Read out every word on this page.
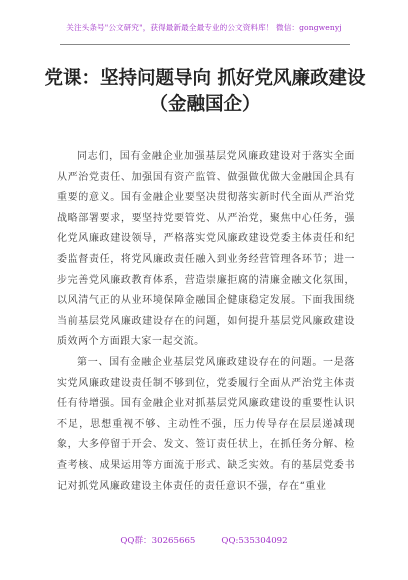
关注头条号"公文研究"，获得最新最全最专业的公文资料库！ 微信：gongwenyj
党课：坚持问题导向 抓好党风廉政建设（金融国企）

同志们，国有金融企业加强基层党风廉政建设对于落实全面从严治党责任、加强国有资产监管、做强做优做大金融国企具有重要的意义。国有金融企业要坚决贯彻落实新时代全面从严治党战略部署要求，要坚持党要管党、从严治党，聚焦中心任务，强化党风廉政建设领导，严格落实党风廉政建设党委主体责任和纪委监督责任，将党风廉政责任融入到业务经营管理各环节；进一步完善党风廉政教育体系，营造崇廉拒腐的清廉金融文化氛围，以风清气正的从业环境保障金融国企健康稳定发展。下面我围绕当前基层党风廉政建设存在的问题，如何提升基层党风廉政建设质效两个方面跟大家一起交流。

第一、国有金融企业基层党风廉政建设存在的问题。一是落实党风廉政建设责任制不够到位，党委履行全面从严治党主体责任有待增强。国有金融企业对抓基层党风廉政建设的重要性认识不足，思想重视不够、主动性不强，压力传导存在层层递减现象，大多停留于开会、发文、签订责任状上，在抓任务分解、检查考核、成果运用等方面流于形式、缺乏实效。有的基层党委书记对抓党风廉政建设主体责任的责任意识不强，存在“重业

QQ群：30265665	QQ:535304092
